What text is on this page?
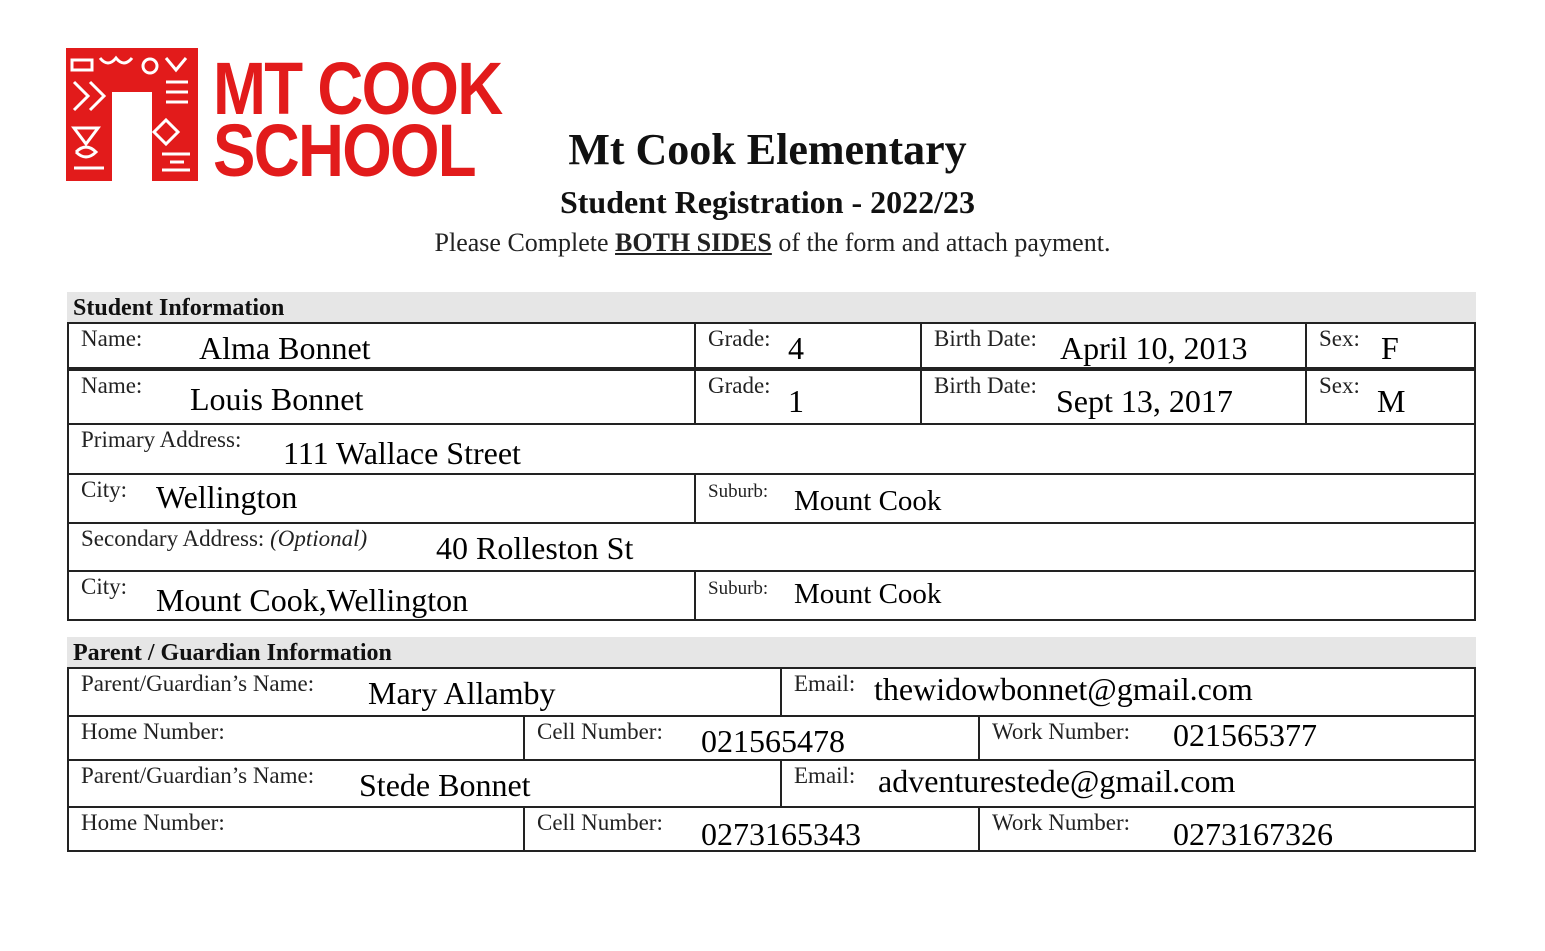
MT COOK
SCHOOL	Mt Cook Elementary
Student Registration - 2022/23
Please Complete BOTH SIDES of the form and attach payment.
Student Information
Name: Alma Bonnet	Grade: 4	Birth Date: April 10, 2013	Sex: F
Name: Louis Bonnet	Grade: 1	Birth Date: Sept 13, 2017	Sex: M
Primary Address: 111 Wallace Street
City: Wellington	Suburb: Mount Cook
Secondary Address: (Optional) 40 Rolleston St
City: Mount Cook,Wellington	Suburb: Mount Cook
Parent / Guardian Information
Parent/Guardian’s Name: Mary Allamby	Email: thewidowbonnet@gmail.com
Home Number:	Cell Number: 021565478	Work Number: 021565377
Parent/Guardian’s Name: Stede Bonnet	Email: adventurestede@gmail.com
Home Number:	Cell Number: 0273165343	Work Number: 0273167326
